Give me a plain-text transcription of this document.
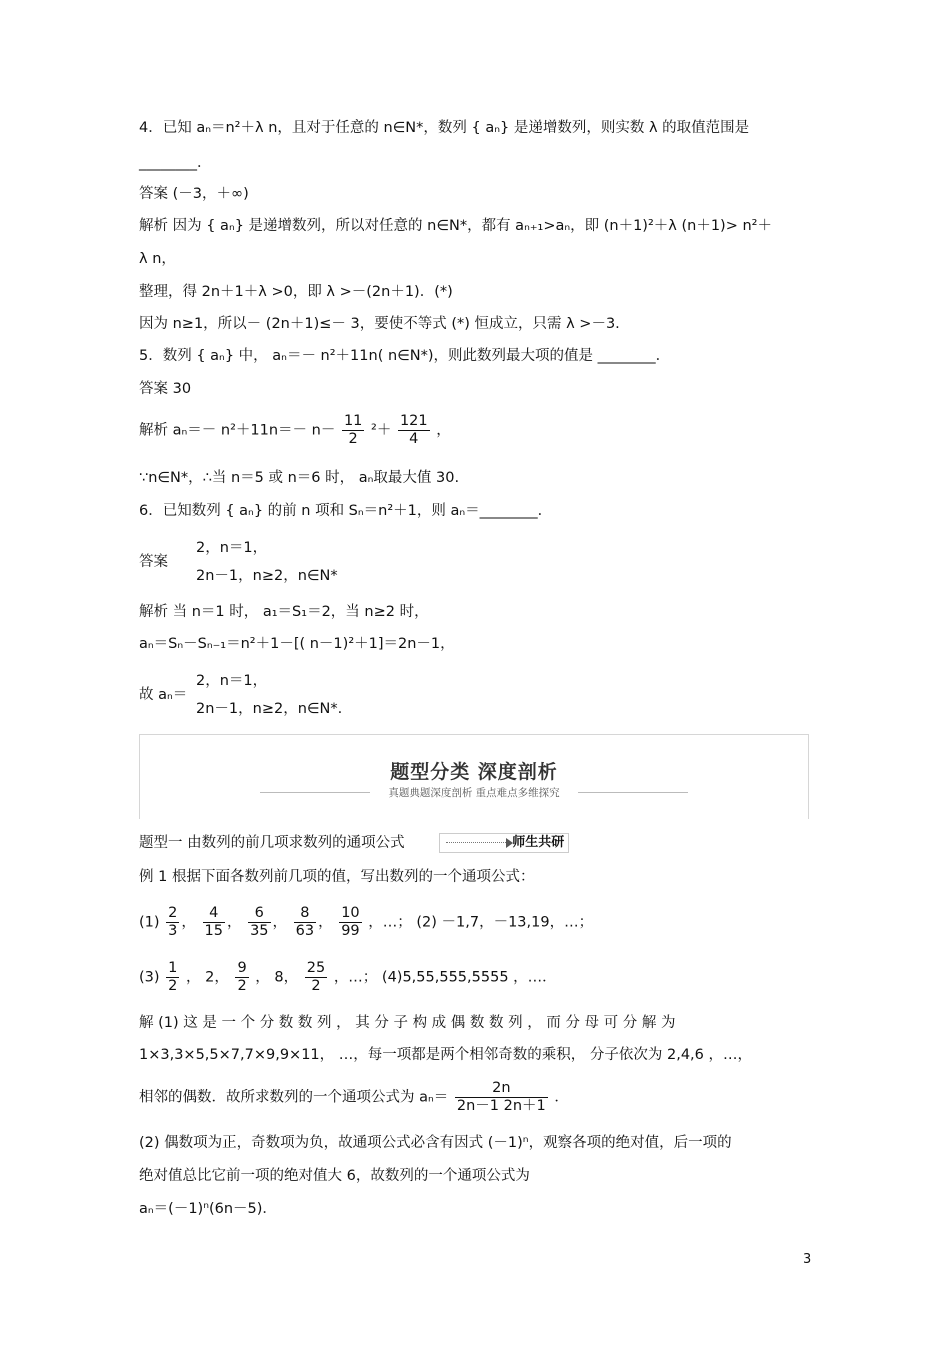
4．已知 aₙ＝n²＋λ n，且对于任意的 n∈N*，数列 { aₙ} 是递增数列，则实数 λ 的取值范围是
________．
答案 (－3，＋∞)
解析 因为 { aₙ} 是递增数列，所以对任意的 n∈N*，都有 aₙ₊₁>aₙ，即 (n＋1)²＋λ (n＋1)> n²＋
λ n，
整理，得 2n＋1＋λ >0，即 λ >－(2n＋1)．(*)
因为 n≥1，所以－ (2n＋1)≤－ 3，要使不等式 (*) 恒成立，只需 λ >－3.
5．数列 { aₙ} 中， aₙ＝－ n²＋11n( n∈N*)，则此数列最大项的值是 ________．
答案 30
解析 $a_n=- n^2+11n=- n- \frac{11}{2} ^2+ \frac{121}{4}$ ，
∵n∈N*，∴当 n＝5 或 n＝6 时， aₙ取最大值 30.
6．已知数列 { aₙ} 的前 n 项和 Sₙ＝n²＋1，则 aₙ＝________．
答案
2，n＝1，
2n－1，n≥2，n∈N*
解析 当 n＝1 时， a₁＝S₁＝2，当 n≥2 时，
aₙ＝Sₙ－Sₙ₋₁＝n²＋1－[( n－1)²＋1]＝2n－1，
故 aₙ＝
2，n＝1，
2n－1，n≥2，n∈N*.
题型分类 深度剖析
真题典题深度剖析 重点难点多维探究
题型一 由数列的前几项求数列的通项公式	师生共研
例 1 根据下面各数列前几项的值，写出数列的一个通项公式：
$(1) \frac{2}{3}$ ， $\frac{4}{15}$ ， $\frac{6}{35}$ ， $\frac{8}{63}$ ， $\frac{10}{99}$ ，…； (2) －1,7，－13,19，…；
$(3) \frac{1}{2}$ ， 2， $\frac{9}{2}$ ， 8， $\frac{25}{2}$ ，…； (4)5,55,555,5555 ，…．
解 (1) 这 是 一 个 分 数 数 列 ， 其 分 子 构 成 偶 数 数 列 ， 而 分 母 可 分 解 为
1×3,3×5,5×7,7×9,9×11， …，每一项都是两个相邻奇数的乘积， 分子依次为 2,4,6 ，…，
相邻的偶数．故所求数列的一个通项公式为 $a_n= \frac{2n}{2n-1 2n+1}$ ．
(2) 偶数项为正，奇数项为负，故通项公式必含有因式 (－1)ⁿ，观察各项的绝对值，后一项的
绝对值总比它前一项的绝对值大 6，故数列的一个通项公式为
aₙ＝(－1)ⁿ(6n－5)．
3
